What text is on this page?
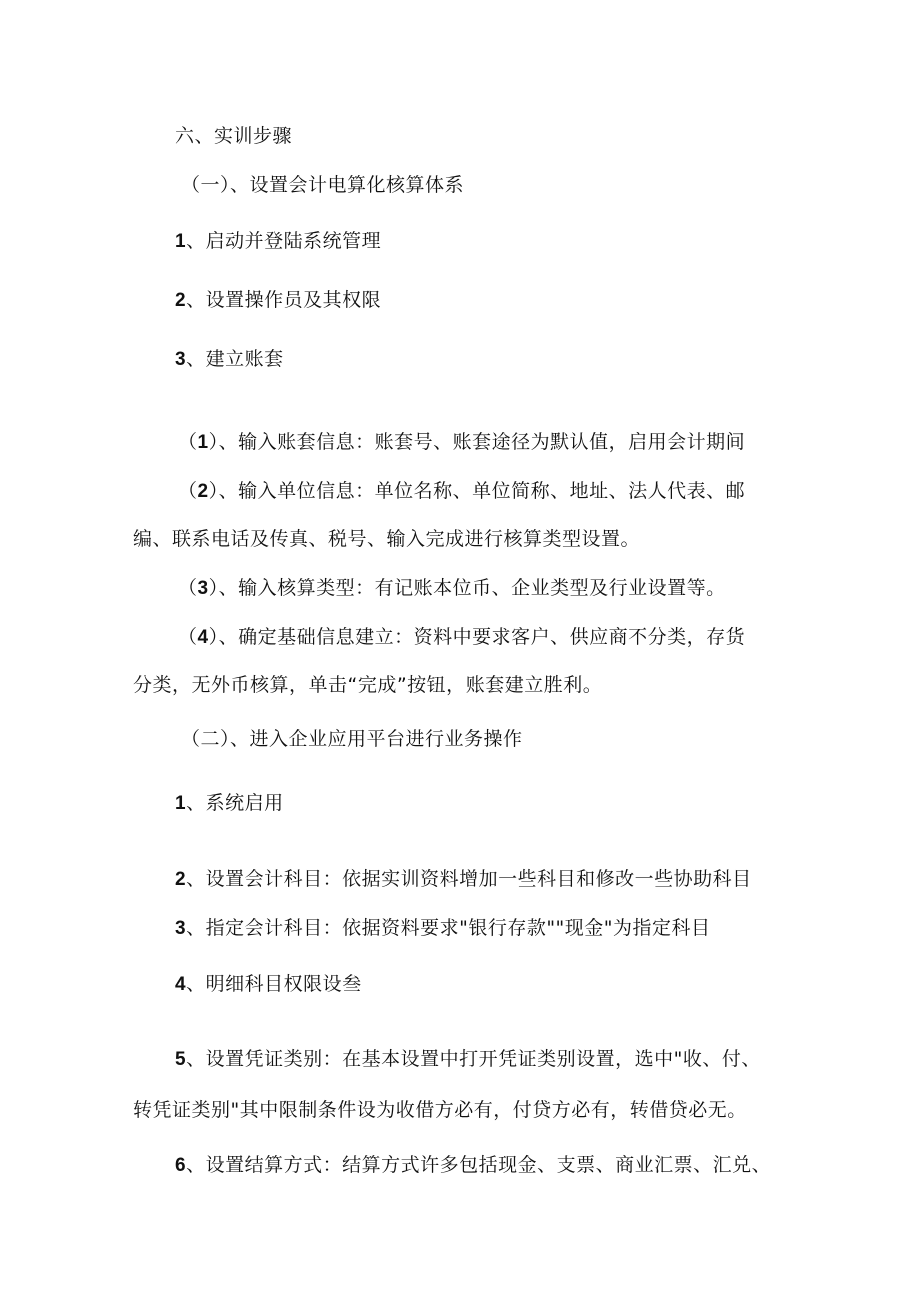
六、实训步骤
（一）、设置会计电算化核算体系
1、启动并登陆系统管理
2、设置操作员及其权限
3、建立账套
（1）、输入账套信息：账套号、账套途径为默认值，启用会计期间
（2）、输入单位信息：单位名称、单位简称、地址、法人代表、邮
编、联系电话及传真、税号、输入完成进行核算类型设置。
（3）、输入核算类型：有记账本位币、企业类型及行业设置等。
（4）、确定基础信息建立：资料中要求客户、供应商不分类，存货
分类，无外币核算，单击“完成”按钮，账套建立胜利。
（二）、进入企业应用平台进行业务操作
1、系统启用
2、设置会计科目：依据实训资料增加一些科目和修改一些协助科目
3、指定会计科目：依据资料要求"银行存款""现金"为指定科目
4、明细科目权限设叁
5、设置凭证类别：在基本设置中打开凭证类别设置，选中"收、付、
转凭证类别"其中限制条件设为收借方必有，付贷方必有，转借贷必无。
6、设置结算方式：结算方式许多包括现金、支票、商业汇票、汇兑、
